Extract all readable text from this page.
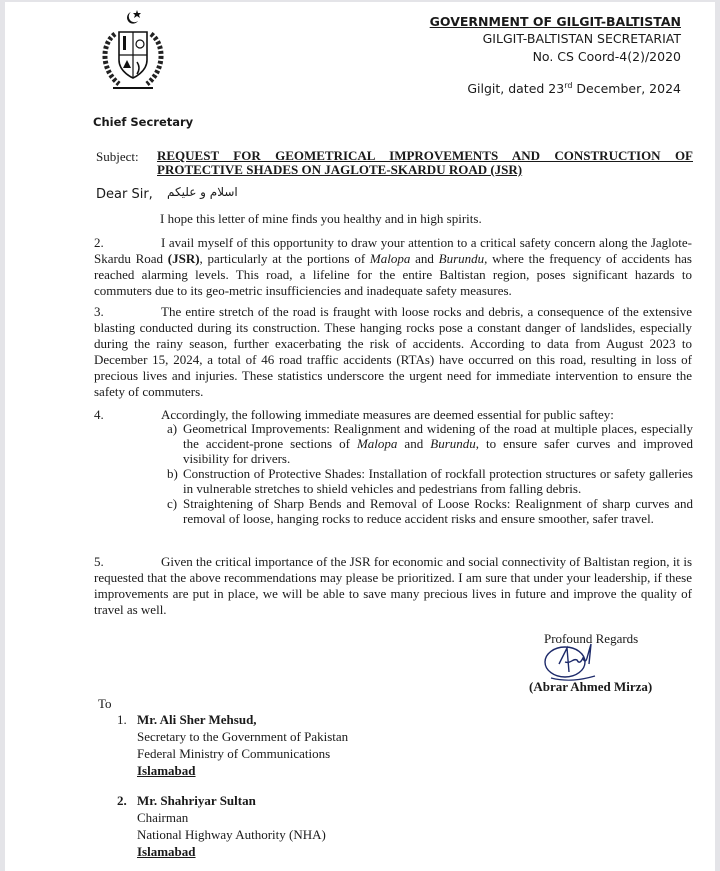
Chief Secretary
GOVERNMENT OF GILGIT-BALTISTAN
GILGIT-BALTISTAN SECRETARIAT
No. CS Coord-4(2)/2020
Gilgit, dated 23rd December, 2024
Subject: REQUEST FOR GEOMETRICAL IMPROVEMENTS AND CONSTRUCTION OF PROTECTIVE SHADES ON JAGLOTE-SKARDU ROAD (JSR)
Dear Sir, اسلام و علیکم
I hope this letter of mine finds you healthy and in high spirits.
2.	I avail myself of this opportunity to draw your attention to a critical safety concern along the Jaglote-Skardu Road (JSR), particularly at the portions of Malopa and Burundu, where the frequency of accidents has reached alarming levels. This road, a lifeline for the entire Baltistan region, poses significant hazards to commuters due to its geo-metric insufficiencies and inadequate safety measures.
3.	The entire stretch of the road is fraught with loose rocks and debris, a consequence of the extensive blasting conducted during its construction. These hanging rocks pose a constant danger of landslides, especially during the rainy season, further exacerbating the risk of accidents. According to data from August 2023 to December 15, 2024, a total of 46 road traffic accidents (RTAs) have occurred on this road, resulting in loss of precious lives and injuries. These statistics underscore the urgent need for immediate intervention to ensure the safety of commuters.
4.	Accordingly, the following immediate measures are deemed essential for public saftey:
a) Geometrical Improvements: Realignment and widening of the road at multiple places, especially the accident-prone sections of Malopa and Burundu, to ensure safer curves and improved visibility for drivers.
b) Construction of Protective Shades: Installation of rockfall protection structures or safety galleries in vulnerable stretches to shield vehicles and pedestrians from falling debris.
c) Straightening of Sharp Bends and Removal of Loose Rocks: Realignment of sharp curves and removal of loose, hanging rocks to reduce accident risks and ensure smoother, safer travel.
5.	Given the critical importance of the JSR for economic and social connectivity of Baltistan region, it is requested that the above recommendations may please be prioritized. I am sure that under your leadership, if these improvements are put in place, we will be able to save many precious lives in future and improve the quality of travel as well.
Profound Regards
(Abrar Ahmed Mirza)
To
1. Mr. Ali Sher Mehsud,
Secretary to the Government of Pakistan
Federal Ministry of Communications
Islamabad
2. Mr. Shahriyar Sultan
Chairman
National Highway Authority (NHA)
Islamabad
